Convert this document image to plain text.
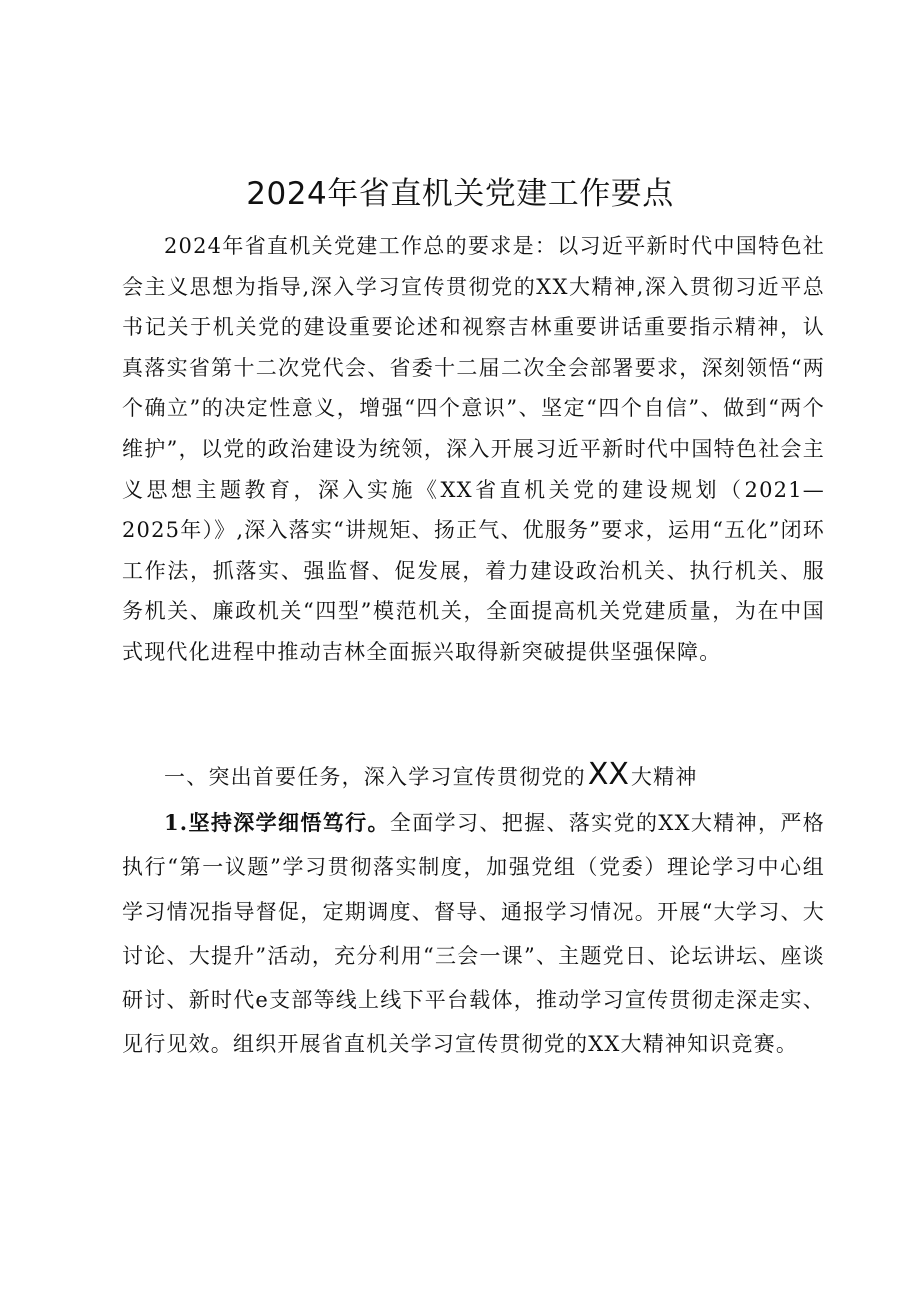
2024年省直机关党建工作要点

2024年省直机关党建工作总的要求是：以习近平新时代中国特色社会主义思想为指导,深入学习宣传贯彻党的XX大精神,深入贯彻习近平总书记关于机关党的建设重要论述和视察吉林重要讲话重要指示精神，认真落实省第十二次党代会、省委十二届二次全会部署要求，深刻领悟“两个确立”的决定性意义，增强“四个意识”、坚定“四个自信”、做到“两个维护”，以党的政治建设为统领，深入开展习近平新时代中国特色社会主义思想主题教育，深入实施《XX省直机关党的建设规划（2021—2025年）》,深入落实“讲规矩、扬正气、优服务”要求，运用“五化”闭环工作法，抓落实、强监督、促发展，着力建设政治机关、执行机关、服务机关、廉政机关“四型”模范机关，全面提高机关党建质量，为在中国式现代化进程中推动吉林全面振兴取得新突破提供坚强保障。

一、突出首要任务，深入学习宣传贯彻党的XX大精神

1.坚持深学细悟笃行。全面学习、把握、落实党的XX大精神，严格执行“第一议题”学习贯彻落实制度，加强党组（党委）理论学习中心组学习情况指导督促，定期调度、督导、通报学习情况。开展“大学习、大讨论、大提升”活动，充分利用“三会一课”、主题党日、论坛讲坛、座谈研讨、新时代e支部等线上线下平台载体，推动学习宣传贯彻走深走实、见行见效。组织开展省直机关学习宣传贯彻党的XX大精神知识竞赛。
